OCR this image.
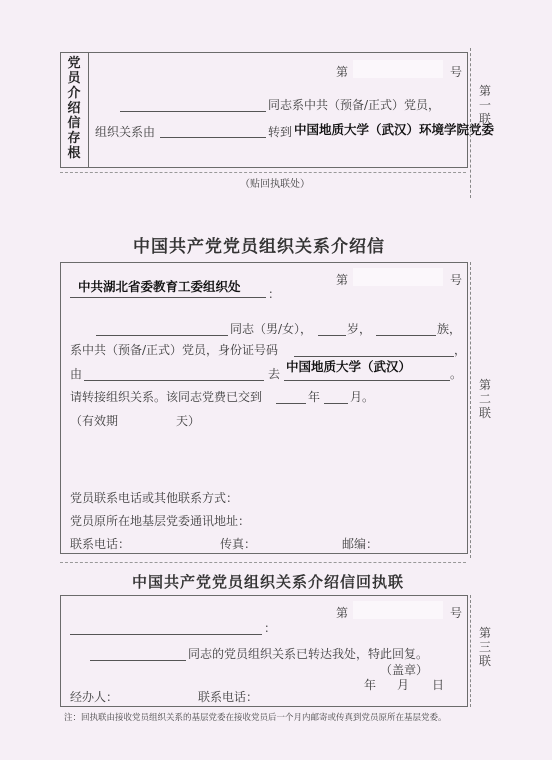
党员介绍信存根
第	号
同志系中共（预备/正式）党员，
组织关系由	转到 中国地质大学（武汉）环境学院党委
（贴回执联处）
第一联
中国共产党党员组织关系介绍信
中共湖北省委教育工委组织处 ：
第	号
同志（男/女），	岁，	族，
系中共（预备/正式）党员，身份证号码	，
由	去 中国地质大学（武汉）	。
请转接组织关系。该同志党费已交到	年 月。
（有效期	天）
党员联系电话或其他联系方式：
党员原所在地基层党委通讯地址：
联系电话：	传真：	邮编：
第二联
中国共产党党员组织关系介绍信回执联
：
第	号
同志的党员组织关系已转达我处，特此回复。
（盖章）
年 月 日
经办人：	联系电话：
第三联
注：回执联由接收党员组织关系的基层党委在接收党员后一个月内邮寄或传真到党员原所在基层党委。
